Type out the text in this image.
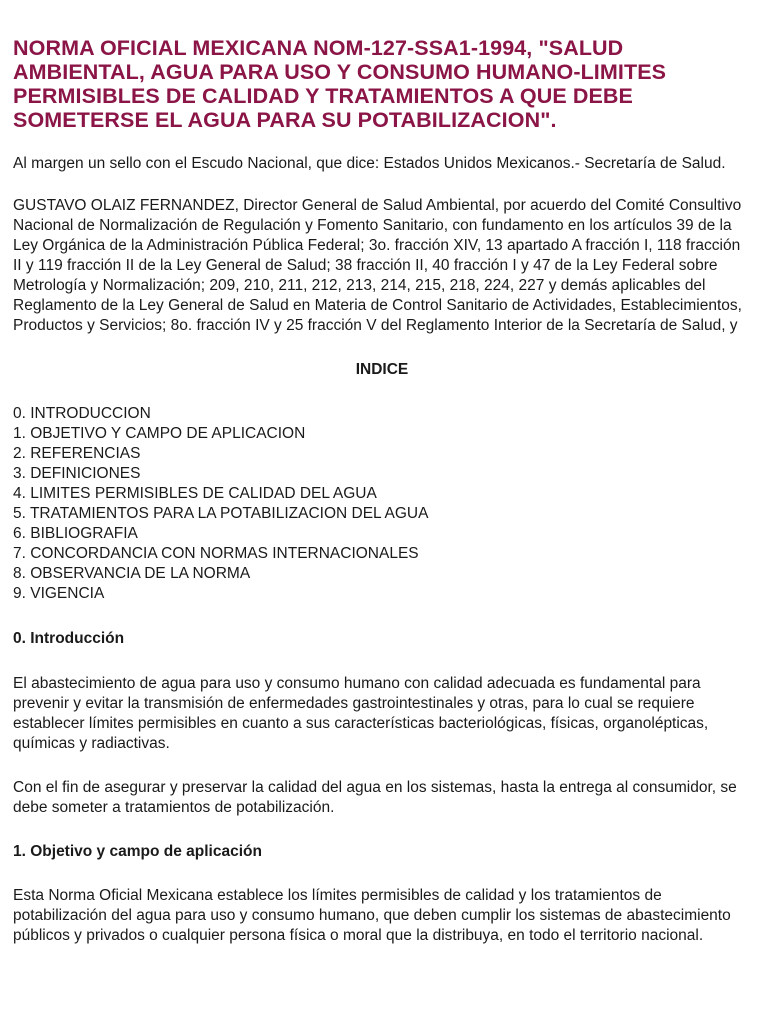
NORMA OFICIAL MEXICANA NOM-127-SSA1-1994, "SALUD AMBIENTAL, AGUA PARA USO Y CONSUMO HUMANO-LIMITES PERMISIBLES DE CALIDAD Y TRATAMIENTOS A QUE DEBE SOMETERSE EL AGUA PARA SU POTABILIZACION".

Al margen un sello con el Escudo Nacional, que dice: Estados Unidos Mexicanos.- Secretaría de Salud.

GUSTAVO OLAIZ FERNANDEZ, Director General de Salud Ambiental, por acuerdo del Comité Consultivo Nacional de Normalización de Regulación y Fomento Sanitario, con fundamento en los artículos 39 de la Ley Orgánica de la Administración Pública Federal; 3o. fracción XIV, 13 apartado A fracción I, 118 fracción II y 119 fracción II de la Ley General de Salud; 38 fracción II, 40 fracción I y 47 de la Ley Federal sobre Metrología y Normalización; 209, 210, 211, 212, 213, 214, 215, 218, 224, 227 y demás aplicables del Reglamento de la Ley General de Salud en Materia de Control Sanitario de Actividades, Establecimientos, Productos y Servicios; 8o. fracción IV y 25 fracción V del Reglamento Interior de la Secretaría de Salud, y

INDICE
0. INTRODUCCION
1. OBJETIVO Y CAMPO DE APLICACION
2. REFERENCIAS
3. DEFINICIONES
4. LIMITES PERMISIBLES DE CALIDAD DEL AGUA
5. TRATAMIENTOS PARA LA POTABILIZACION DEL AGUA
6. BIBLIOGRAFIA
7. CONCORDANCIA CON NORMAS INTERNACIONALES
8. OBSERVANCIA DE LA NORMA
9. VIGENCIA
0. Introducción

El abastecimiento de agua para uso y consumo humano con calidad adecuada es fundamental para prevenir y evitar la transmisión de enfermedades gastrointestinales y otras, para lo cual se requiere establecer límites permisibles en cuanto a sus características bacteriológicas, físicas, organolépticas, químicas y radiactivas.

Con el fin de asegurar y preservar la calidad del agua en los sistemas, hasta la entrega al consumidor, se debe someter a tratamientos de potabilización.

1. Objetivo y campo de aplicación

Esta Norma Oficial Mexicana establece los límites permisibles de calidad y los tratamientos de potabilización del agua para uso y consumo humano, que deben cumplir los sistemas de abastecimiento públicos y privados o cualquier persona física o moral que la distribuya, en todo el territorio nacional.
